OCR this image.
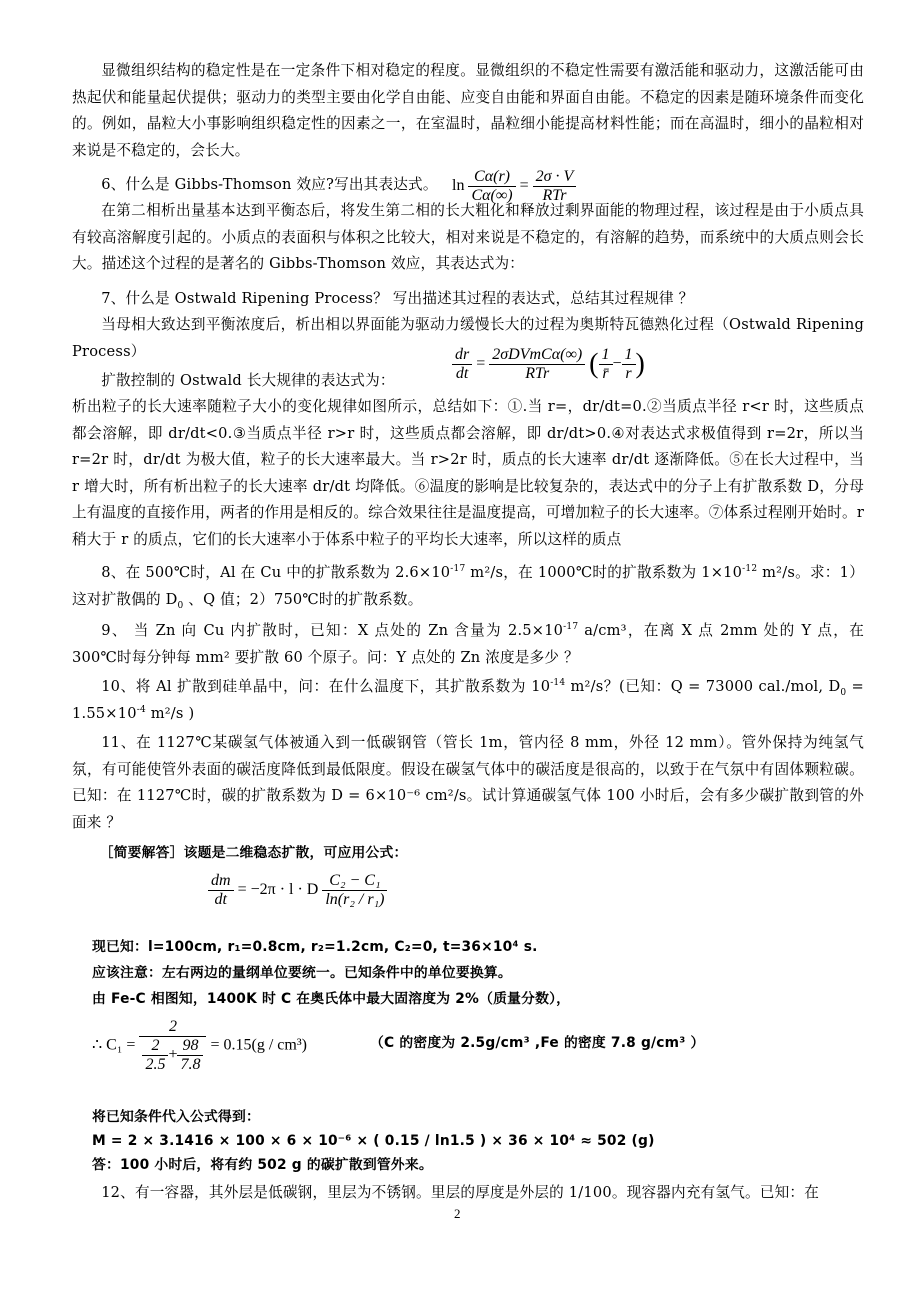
显微组织结构的稳定性是在一定条件下相对稳定的程度。显微组织的不稳定性需要有激活能和驱动力，这激活能可由热起伏和能量起伏提供；驱动力的类型主要由化学自由能、应变自由能和界面自由能。不稳定的因素是随环境条件而变化的。例如，晶粒大小事影响组织稳定性的因素之一，在室温时，晶粒细小能提高材料性能；而在高温时，细小的晶粒相对来说是不稳定的，会长大。

6、什么是 Gibbs-Thomson 效应?写出其表达式。 $\ln \frac{C\alpha(r)}{C\alpha(\infty)} = \frac{2\sigma \cdot V}{\text{RTr}}$

在第二相析出量基本达到平衡态后，将发生第二相的长大粗化和释放过剩界面能的物理过程，该过程是由于小质点具有较高溶解度引起的。小质点的表面积与体积之比较大，相对来说是不稳定的，有溶解的趋势，而系统中的大质点则会长大。描述这个过程的是著名的 Gibbs-Thomson 效应，其表达式为：

7、什么是 Ostwald Ripening Process？ 写出描述其过程的表达式，总结其过程规律 ？

当母相大致达到平衡浓度后，析出相以界面能为驱动力缓慢长大的过程为奥斯特瓦德熟化过程（Ostwald Ripening Process）

扩散控制的 Ostwald 长大规律的表达式为：	$\frac{dr}{dt} = \frac{\text{2σDVmCα(∞)}}{\text{RTr}}$ ( $\frac{1}{r̄} - \frac{1}{r}$ )

析出粒子的长大速率随粒子大小的变化规律如图所示，总结如下：①.当 r=，dr/dt=0.②当质点半径 r<r 时，这些质点都会溶解，即 dr/dt<0.③当质点半径 r>r 时，这些质点都会溶解，即 dr/dt>0.④对表达式求极值得到 r=2r，所以当 r=2r 时，dr/dt 为极大值，粒子的长大速率最大。当 r>2r 时，质点的长大速率 dr/dt 逐渐降低。⑤在长大过程中，当 r 增大时，所有析出粒子的长大速率 dr/dt 均降低。⑥温度的影响是比较复杂的，表达式中的分子上有扩散系数 D，分母上有温度的直接作用，两者的作用是相反的。综合效果往往是温度提高，可增加粒子的长大速率。⑦体系过程刚开始时。r 稍大于 r 的质点，它们的长大速率小于体系中粒子的平均长大速率，所以这样的质点

8、在 500℃时，Al 在 Cu 中的扩散系数为 $2.6\times 10^{-17}$ m²/s，在 1000℃时的扩散系数为 $1\times 10^{-12}$ m²/s。求：1）这对扩散偶的 $D_0$ 、Q 值；2）750℃时的扩散系数。

9、 当 Zn 向 Cu 内扩散时，已知：X 点处的 Zn 含量为 $2.5\times 10^{-17}$ a/cm³，在离 X 点 2mm 处的 Y 点，在 300℃时每分钟每 mm² 要扩散 60 个原子。问：Y 点处的 Zn 浓度是多少 ？

10、将 Al 扩散到硅单晶中，问：在什么温度下，其扩散系数为 $10^{-14}$ m²/s？(已知：Q = 73000 cal./mol, $D_0 = 1.55\times 10^{-4}$ m²/s )

11、在 1127℃某碳氢气体被通入到一低碳钢管（管长 1m，管内径 8 mm，外径 12 mm）。管外保持为纯氢气氛，有可能使管外表面的碳活度降低到最低限度。假设在碳氢气体中的碳活度是很高的，以致于在气氛中有固体颗粒碳。已知：在 1127℃时，碳的扩散系数为 D = 6×10⁻⁶ cm²/s。试计算通碳氢气体 100 小时后，会有多少碳扩散到管的外面来 ？

［简要解答］该题是二维稳态扩散，可应用公式：

$\frac{dm}{dt} = -2\pi \cdot l \cdot D \frac{\text{C₂ − C₁}}{\text{ln(r₂ / r₁)}}$

现已知：l=100cm, r₁=0.8cm, r₂=1.2cm, C₂=0, t=36×10⁴ s.

应该注意：左右两边的量纲单位要统一。已知条件中的单位要换算。

由 Fe-C 相图知，1400K 时 C 在奥氏体中最大固溶度为 2%（质量分数），

∴ $C_1 = \frac{2}{\frac{2}{2.5} + \frac{98}{7.8}} = 0.15(g / cm^3)$	（C 的密度为 2.5g/cm³ ,Fe 的密度 7.8 g/cm³ ）

将已知条件代入公式得到：

M = 2 × 3.1416 × 100 × 6 × 10⁻⁶ × ( 0.15 / ln1.5 ) × 36 × 10⁴ ≈ 502 (g)

答：100 小时后，将有约 502 g 的碳扩散到管外来。

12、有一容器，其外层是低碳钢，里层为不锈钢。里层的厚度是外层的 1/100。现容器内充有氢气。已知：在

2
